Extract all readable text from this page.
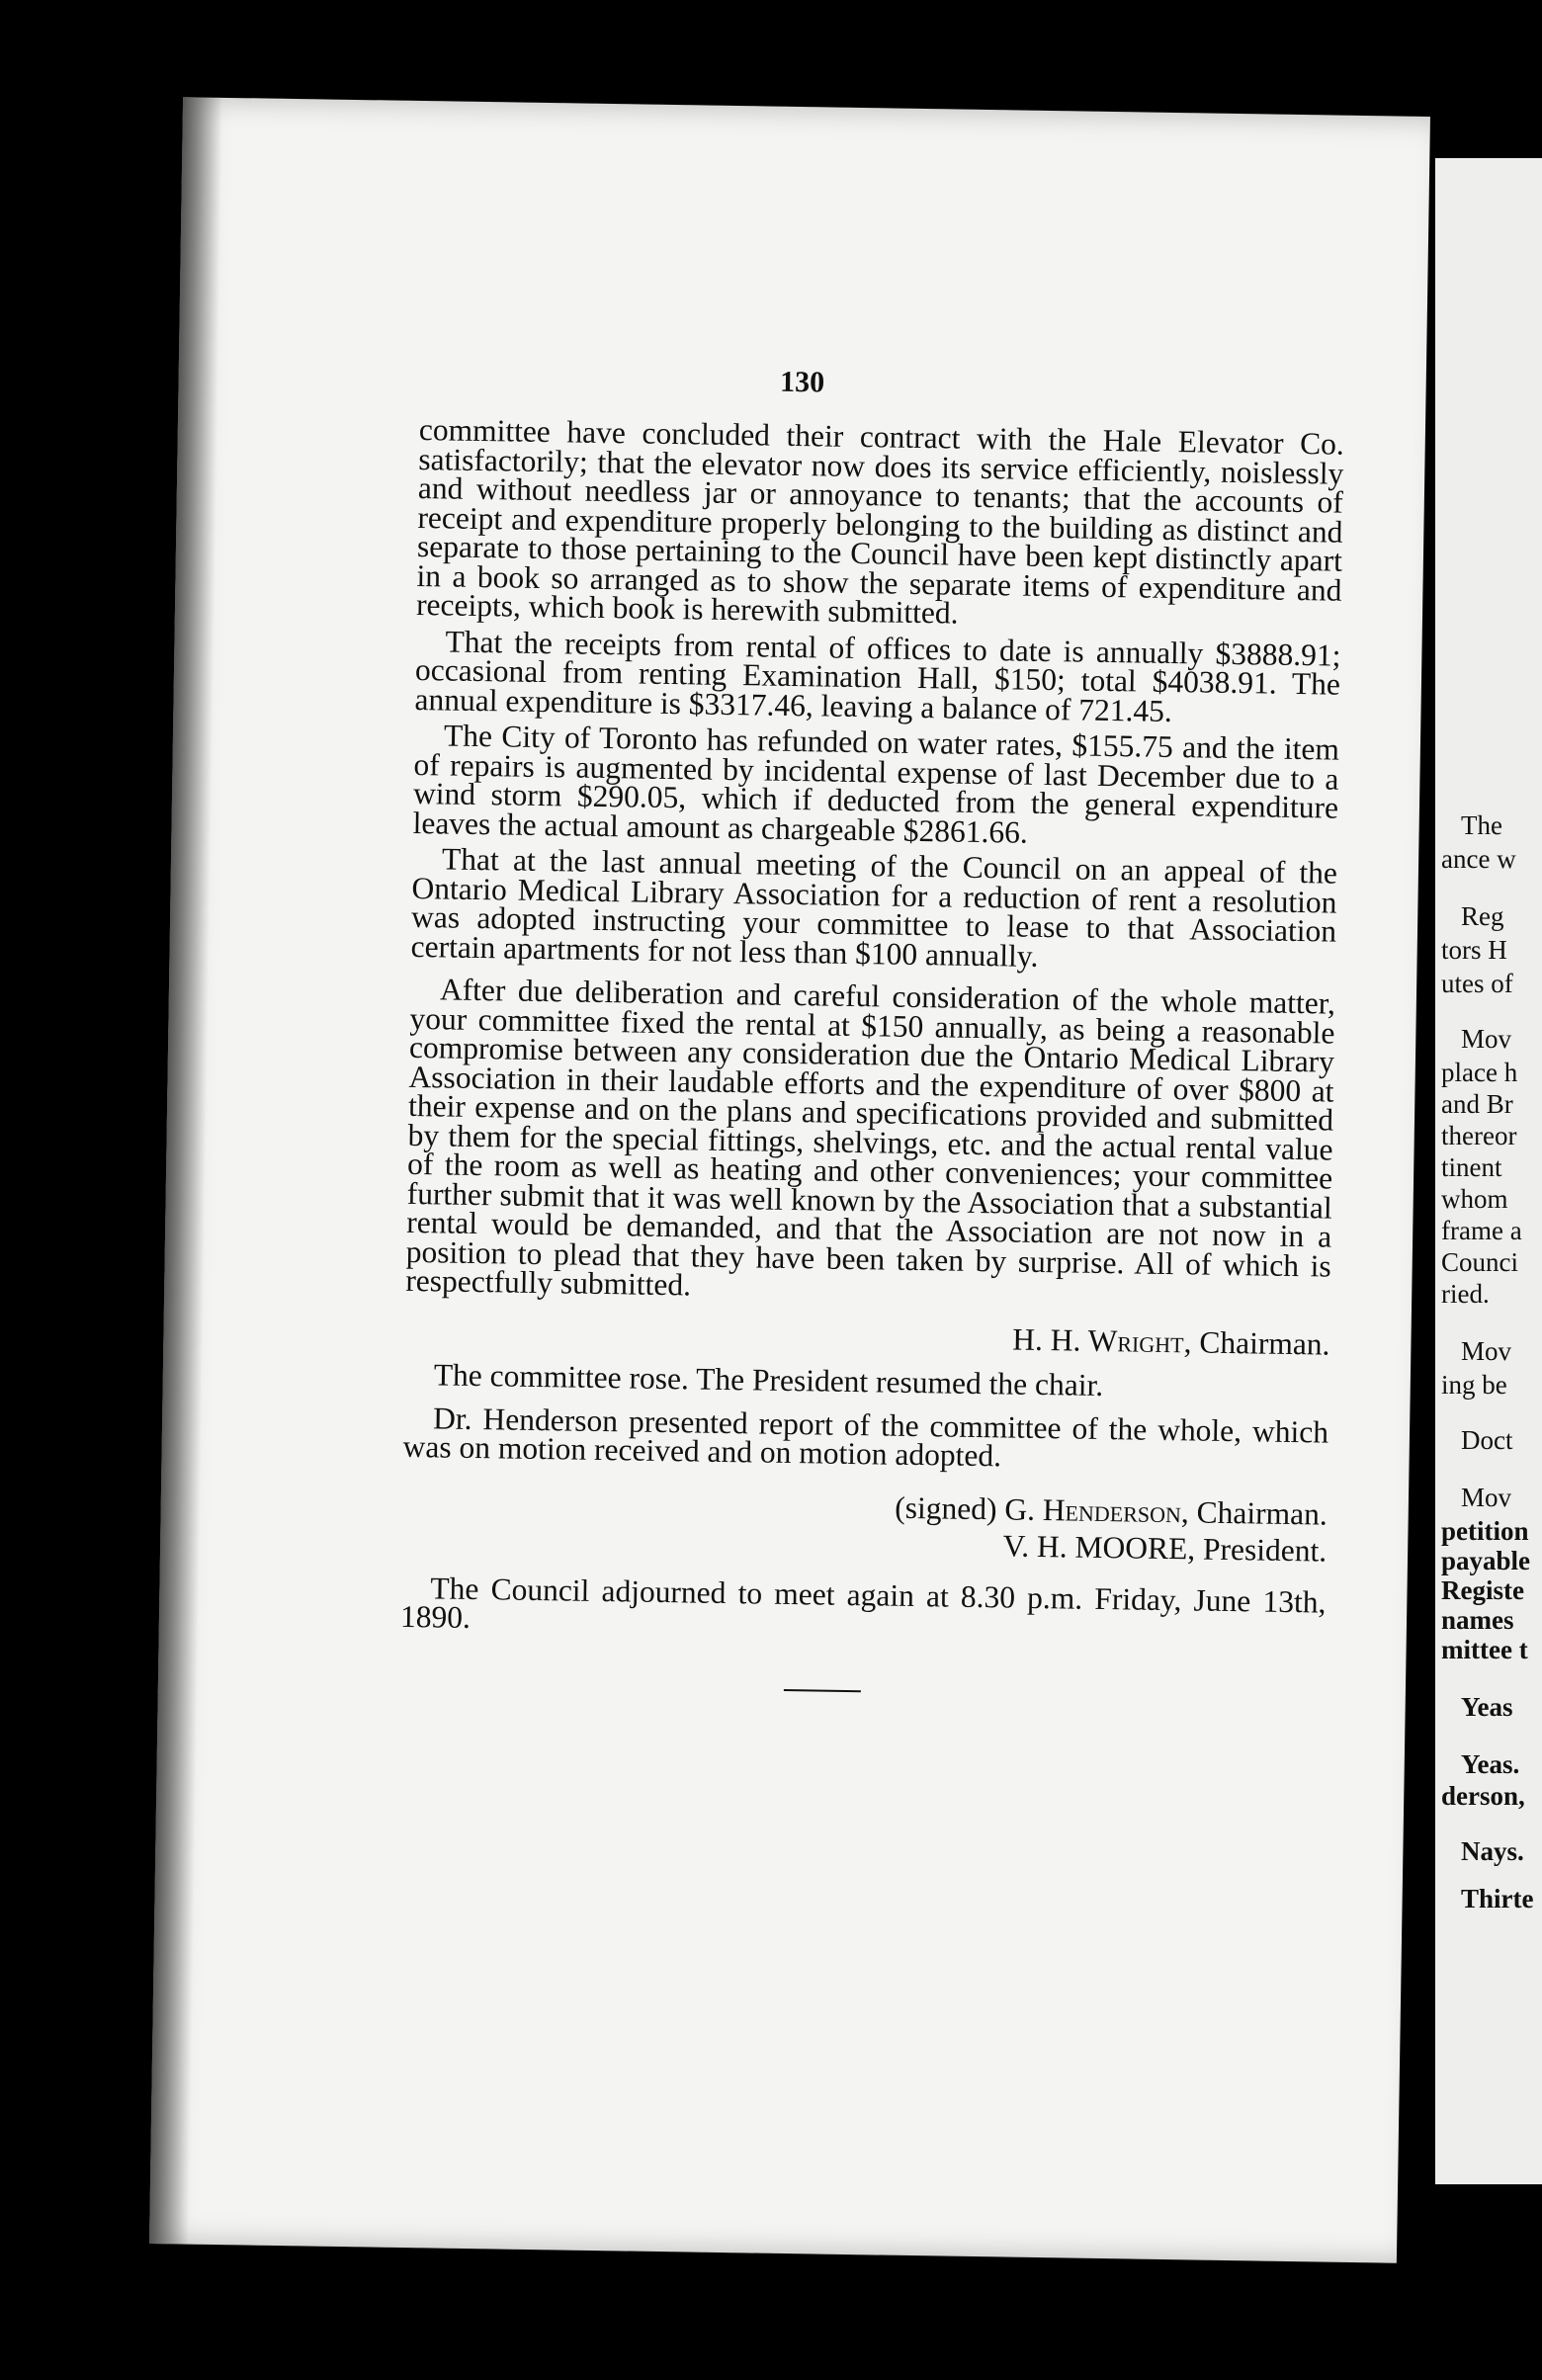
130

committee have concluded their contract with the Hale Elevator Co. satisfactorily; that the elevator now does its service efficiently, noislessly and without needless jar or annoyance to tenants; that the accounts of receipt and expenditure properly belonging to the building as distinct and separate to those pertaining to the Council have been kept distinctly apart in a book so arranged as to show the separate items of expenditure and receipts, which book is herewith submitted.

That the receipts from rental of offices to date is annually $3888.91; occasional from renting Examination Hall, $150; total $4038.91. The annual expenditure is $3317.46, leaving a balance of 721.45.

The City of Toronto has refunded on water rates, $155.75 and the item of repairs is augmented by incidental expense of last December due to a wind storm $290.05, which if deducted from the general expenditure leaves the actual amount as chargeable $2861.66.

That at the last annual meeting of the Council on an appeal of the Ontario Medical Library Association for a reduction of rent a resolution was adopted instructing your committee to lease to that Association certain apartments for not less than $100 annually.

After due deliberation and careful consideration of the whole matter, your committee fixed the rental at $150 annually, as being a reasonable compromise between any consideration due the Ontario Medical Library Association in their laudable efforts and the expenditure of over $800 at their expense and on the plans and specifications provided and submitted by them for the special fittings, shelvings, etc. and the actual rental value of the room as well as heating and other conveniences; your committee further submit that it was well known by the Association that a substantial rental would be demanded, and that the Association are not now in a position to plead that they have been taken by surprise. All of which is respectfully submitted.

H. H. Wright, Chairman.

The committee rose. The President resumed the chair.

Dr. Henderson presented report of the committee of the whole, which was on motion received and on motion adopted.

(signed) G. Henderson, Chairman.

V. H. MOORE, President.

The Council adjourned to meet again at 8.30 p.m. Friday, June 13th, 1890.

The
ance w
Reg
tors H
utes of
Mov
place h
and Br
thereor
tinent
whom
frame a
Counci
ried.
Mov
ing be
Doct
Mov
petition
payable
Registe
names
mittee t
Yeas
Yeas.
derson,
Nays.
Thirte
